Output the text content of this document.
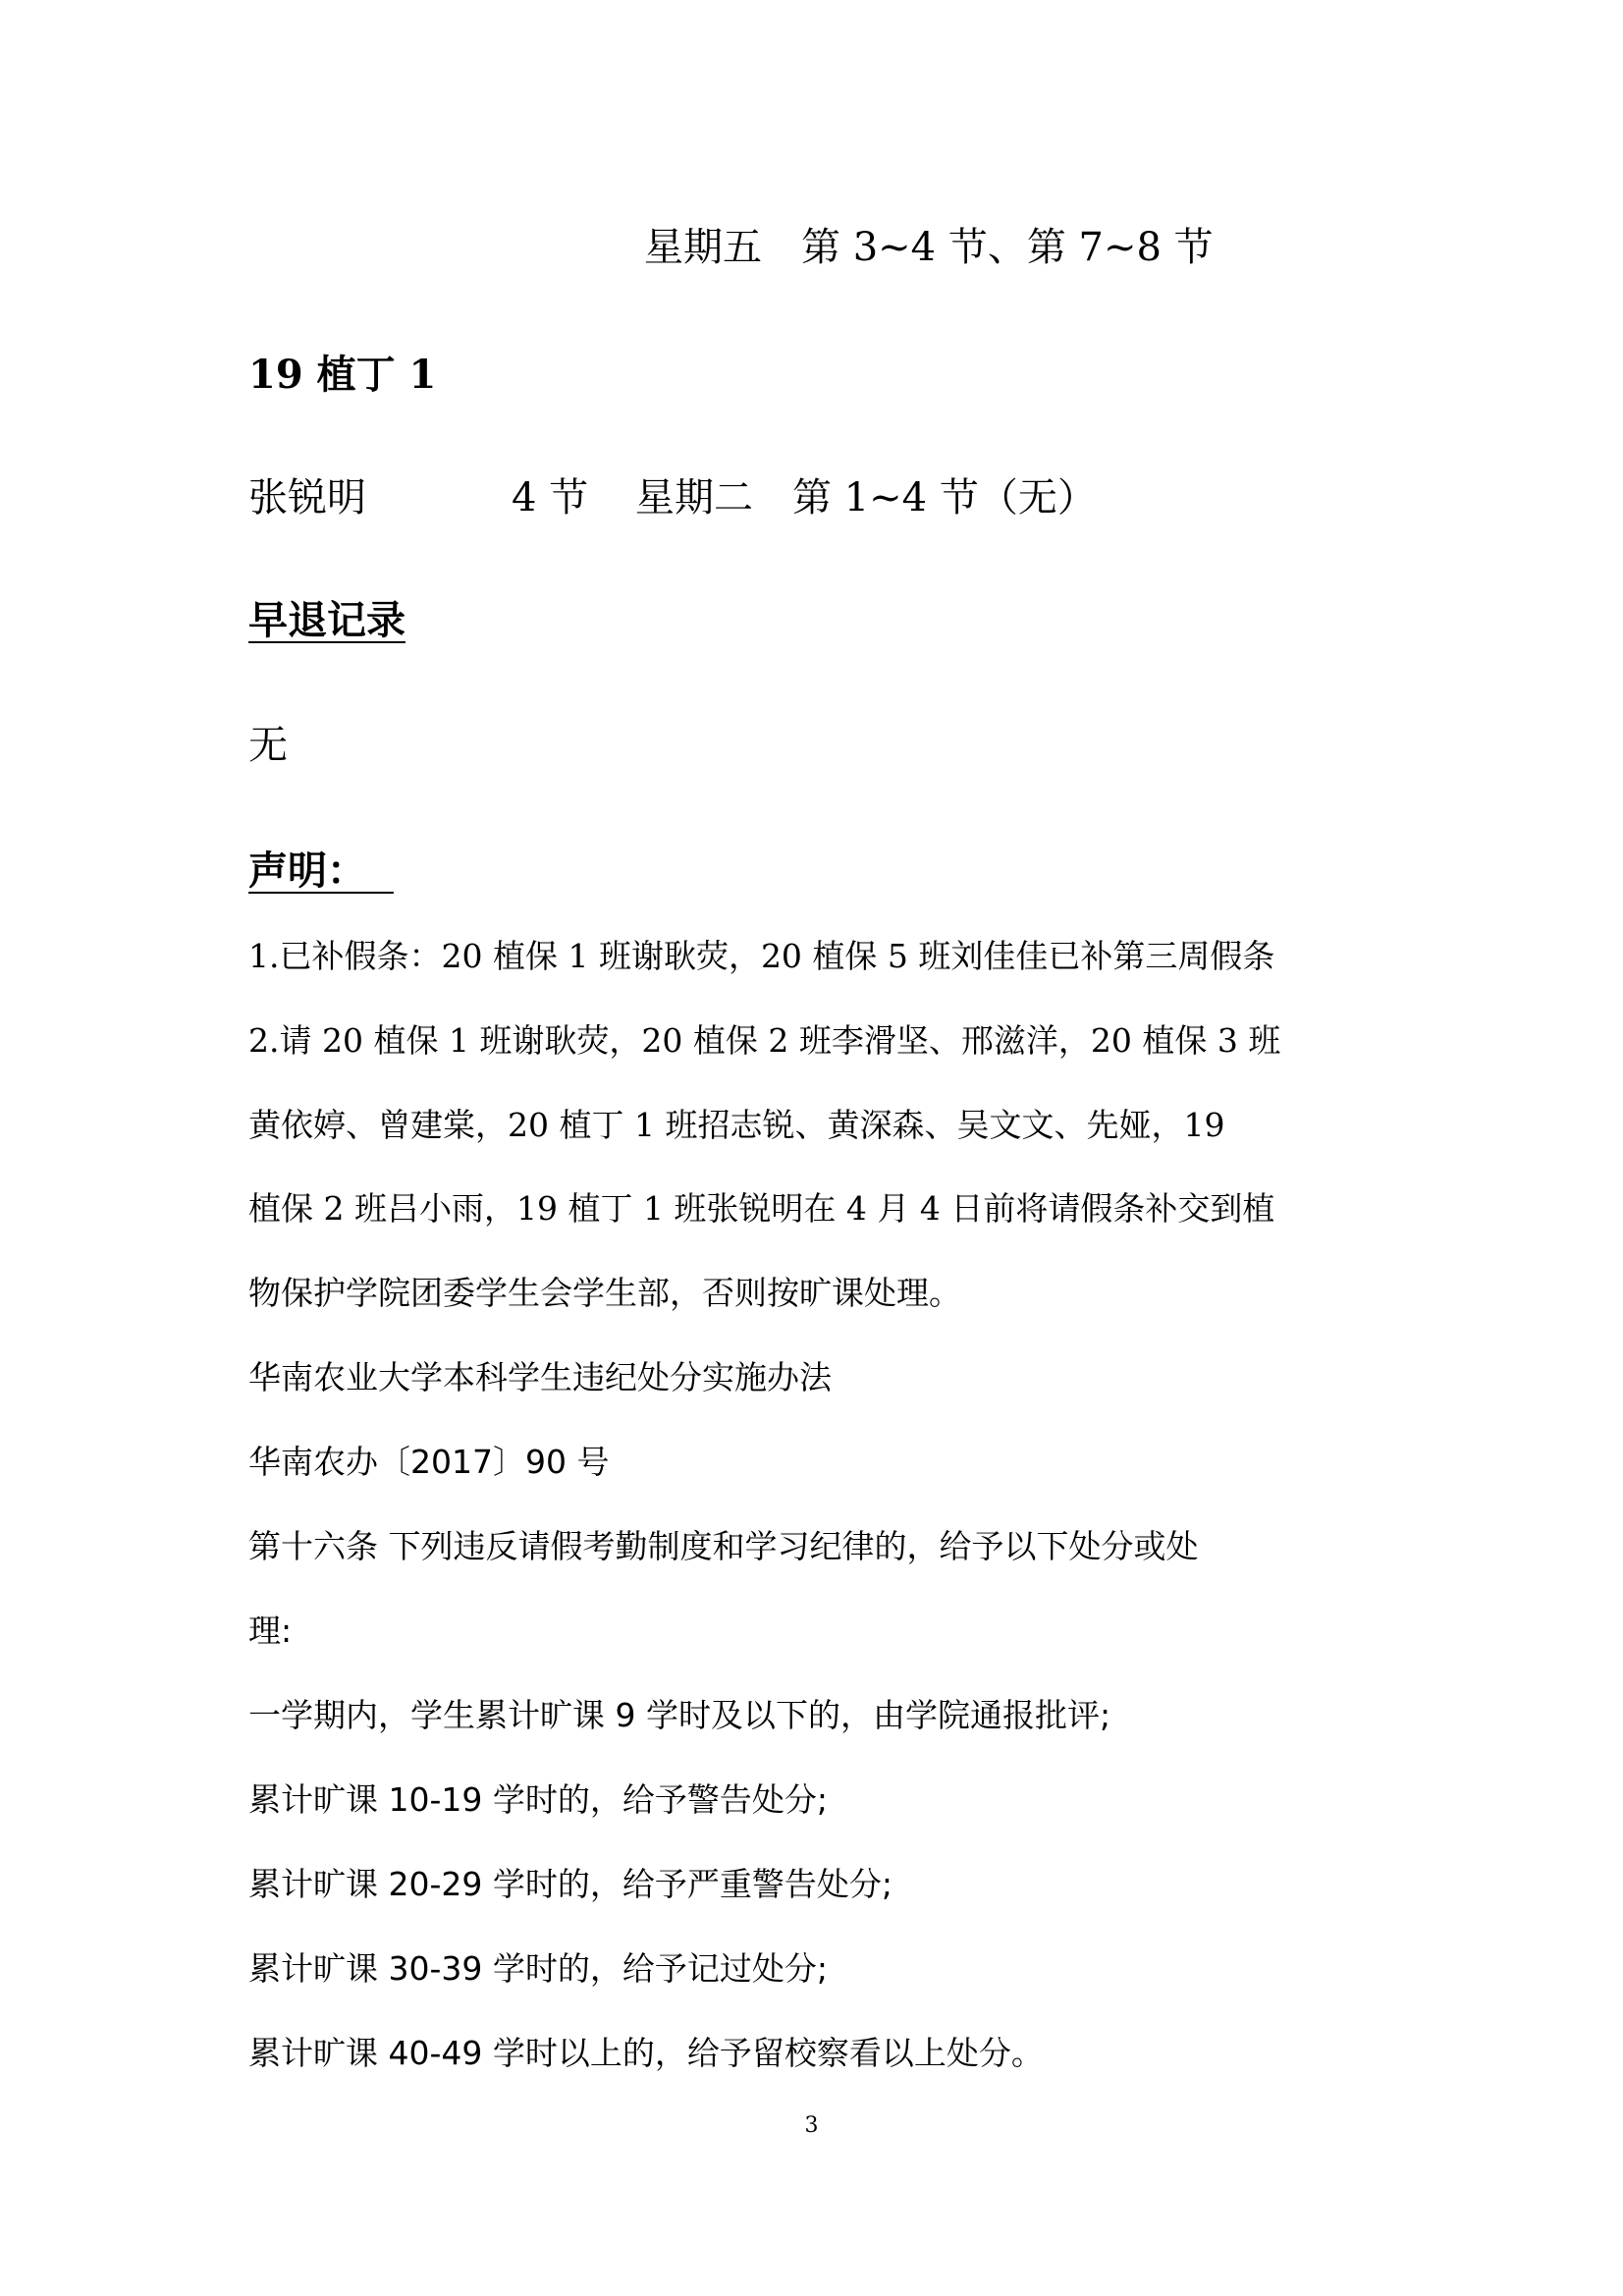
星期五 第 3~4 节、第 7~8 节
19 植丁 1
张锐明	4 节 星期二 第 1~4 节（无）
早退记录
无
声明：
1.已补假条：20 植保 1 班谢耿荧，20 植保 5 班刘佳佳已补第三周假条
2.请 20 植保 1 班谢耿荧，20 植保 2 班李滑坚、邢滋洋，20 植保 3 班
黄依婷、曾建棠，20 植丁 1 班招志锐、黄深森、吴文文、先娅，19
植保 2 班吕小雨，19 植丁 1 班张锐明在 4 月 4 日前将请假条补交到植
物保护学院团委学生会学生部，否则按旷课处理。
华南农业大学本科学生违纪处分实施办法
华南农办〔2017〕90 号
第十六条 下列违反请假考勤制度和学习纪律的，给予以下处分或处
理:
一学期内，学生累计旷课 9 学时及以下的，由学院通报批评;
累计旷课 10-19 学时的，给予警告处分;
累计旷课 20-29 学时的，给予严重警告处分;
累计旷课 30-39 学时的，给予记过处分;
累计旷课 40-49 学时以上的，给予留校察看以上处分。
3
